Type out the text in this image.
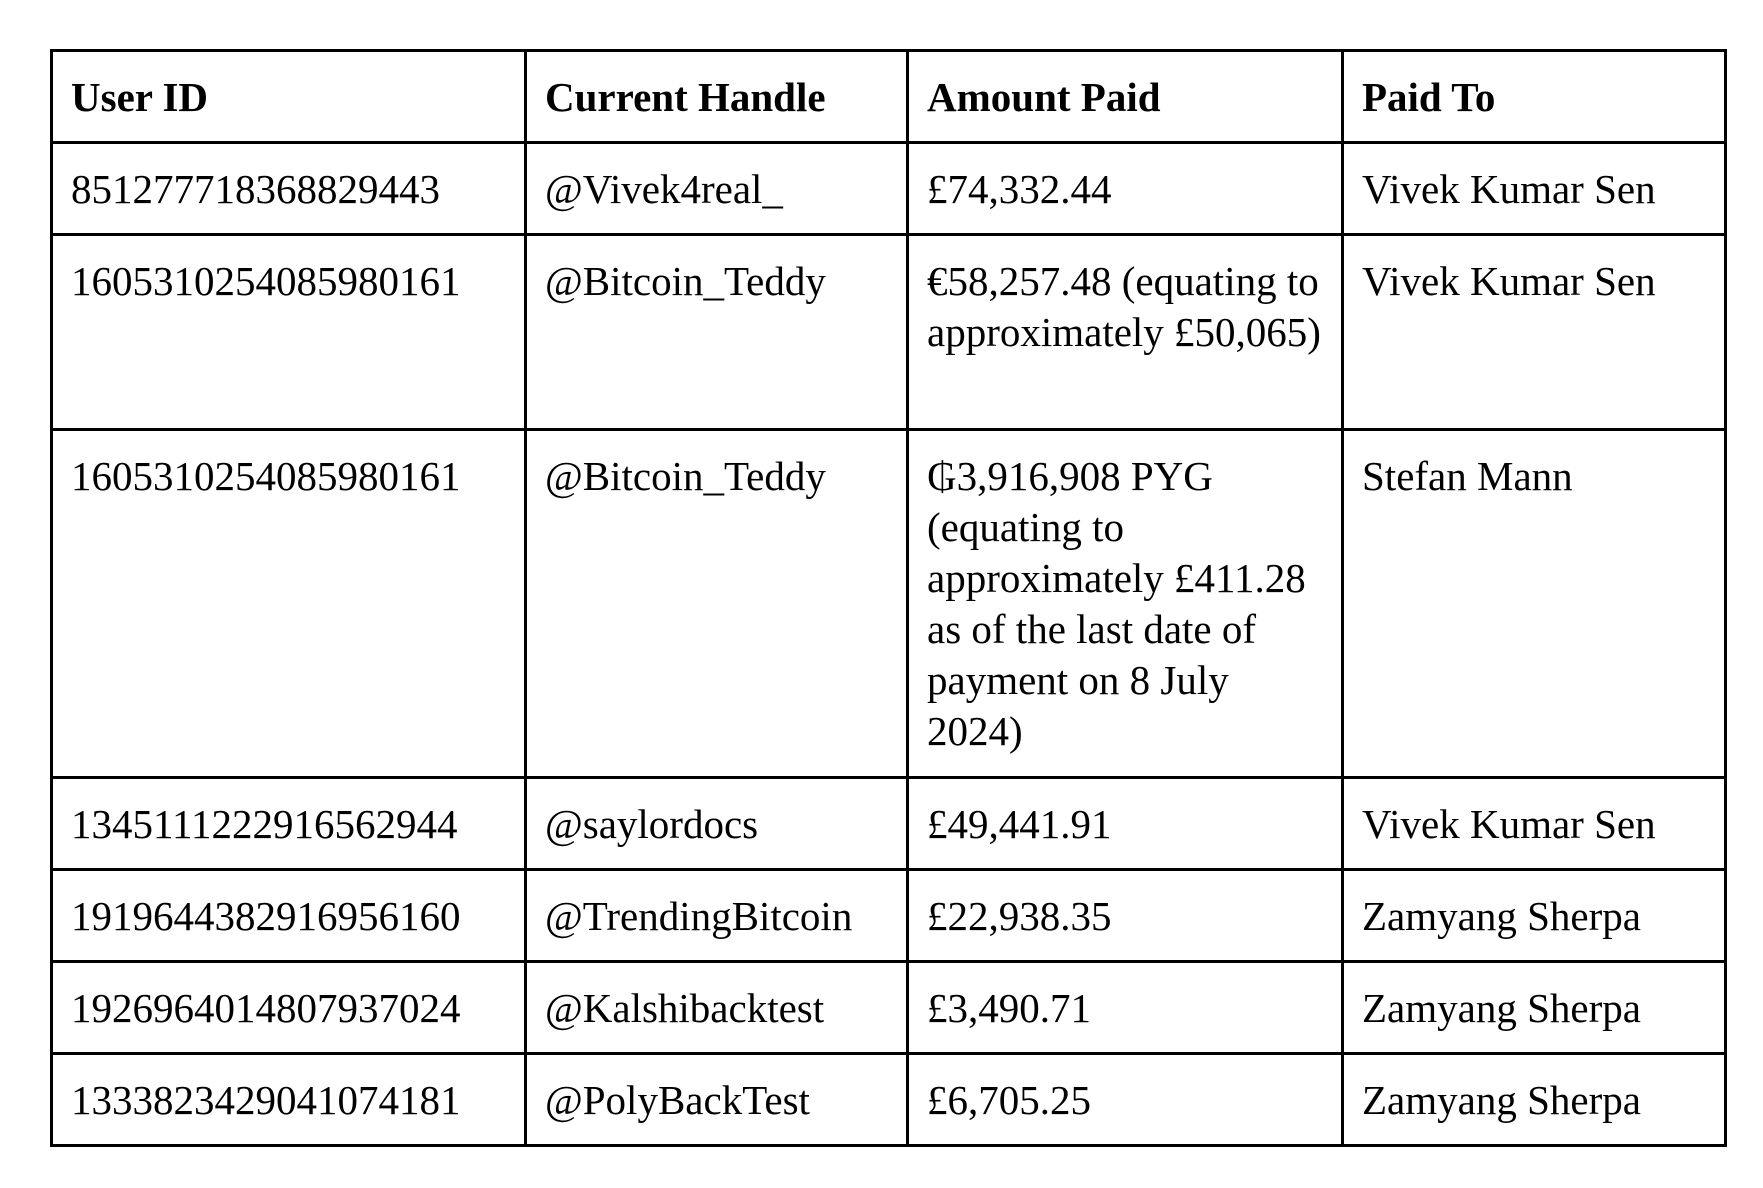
User ID	Current Handle	Amount Paid	Paid To
851277718368829443	@Vivek4real_	£74,332.44	Vivek Kumar Sen
1605310254085980161	@Bitcoin_Teddy	€58,257.48 (equating to approximately £50,065)	Vivek Kumar Sen
1605310254085980161	@Bitcoin_Teddy	₲3,916,908 PYG (equating to approximately £411.28 as of the last date of payment on 8 July 2024)	Stefan Mann
1345111222916562944	@saylordocs	£49,441.91	Vivek Kumar Sen
1919644382916956160	@TrendingBitcoin	£22,938.35	Zamyang Sherpa
1926964014807937024	@Kalshibacktest	£3,490.71	Zamyang Sherpa
1333823429041074181	@PolyBackTest	£6,705.25	Zamyang Sherpa
